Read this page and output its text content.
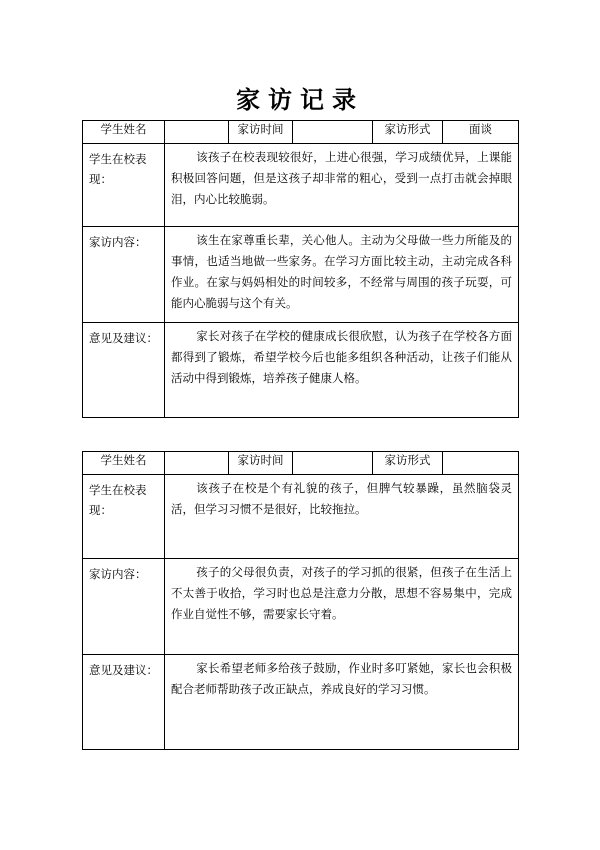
家访记录
学生姓名		家访时间		家访形式	面谈
学生在校表现：	该孩子在校表现较很好，上进心很强，学习成绩优异，上课能积极回答问题，但是这孩子却非常的粗心，受到一点打击就会掉眼泪，内心比较脆弱。				
家访内容：	该生在家尊重长辈，关心他人。主动为父母做一些力所能及的事情，也适当地做一些家务。在学习方面比较主动，主动完成各科作业。在家与妈妈相处的时间较多，不经常与周围的孩子玩耍，可能内心脆弱与这个有关。				
意见及建议：	家长对孩子在学校的健康成长很欣慰，认为孩子在学校各方面都得到了锻炼，希望学校今后也能多组织各种活动，让孩子们能从活动中得到锻炼，培养孩子健康人格。				
学生姓名		家访时间		家访形式	
学生在校表现：	该孩子在校是个有礼貌的孩子，但脾气较暴躁，虽然脑袋灵活，但学习习惯不是很好，比较拖拉。				
家访内容：	孩子的父母很负责，对孩子的学习抓的很紧，但孩子在生活上不太善于收拾，学习时也总是注意力分散，思想不容易集中，完成作业自觉性不够，需要家长守着。				
意见及建议：	家长希望老师多给孩子鼓励，作业时多叮紧她，家长也会积极配合老师帮助孩子改正缺点，养成良好的学习习惯。				
